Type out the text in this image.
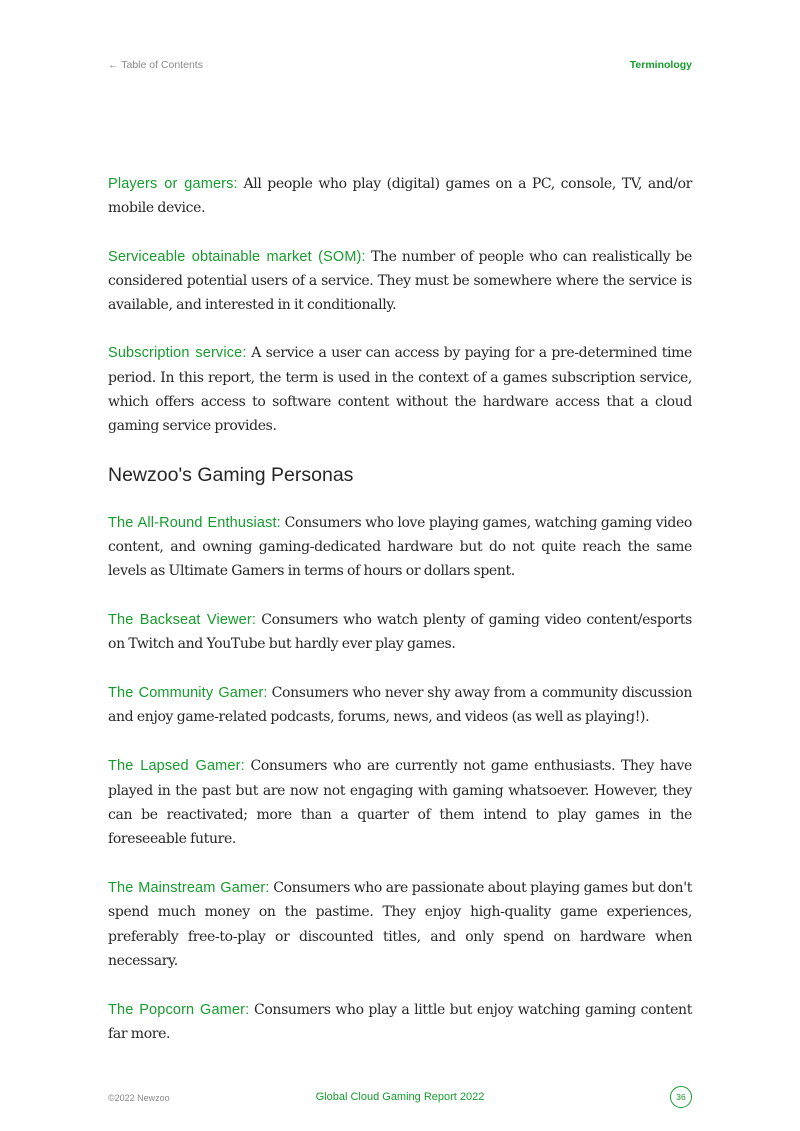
← Table of Contents	Terminology

Players or gamers: All people who play (digital) games on a PC, console, TV, and/or mobile device.

Serviceable obtainable market (SOM): The number of people who can realistically be considered potential users of a service. They must be somewhere where the service is available, and interested in it conditionally.

Subscription service: A service a user can access by paying for a pre-determined time period. In this report, the term is used in the context of a games subscription service, which offers access to software content without the hardware access that a cloud gaming service provides.

Newzoo's Gaming Personas

The All-Round Enthusiast: Consumers who love playing games, watching gaming video content, and owning gaming-dedicated hardware but do not quite reach the same levels as Ultimate Gamers in terms of hours or dollars spent.

The Backseat Viewer: Consumers who watch plenty of gaming video content/esports on Twitch and YouTube but hardly ever play games.

The Community Gamer: Consumers who never shy away from a community discussion and enjoy game-related podcasts, forums, news, and videos (as well as playing!).

The Lapsed Gamer: Consumers who are currently not game enthusiasts. They have played in the past but are now not engaging with gaming whatsoever. However, they can be reactivated; more than a quarter of them intend to play games in the foreseeable future.

The Mainstream Gamer: Consumers who are passionate about playing games but don't spend much money on the pastime. They enjoy high-quality game experiences, preferably free-to-play or discounted titles, and only spend on hardware when necessary.

The Popcorn Gamer: Consumers who play a little but enjoy watching gaming content far more.

©2022 Newzoo	Global Cloud Gaming Report 2022	36
